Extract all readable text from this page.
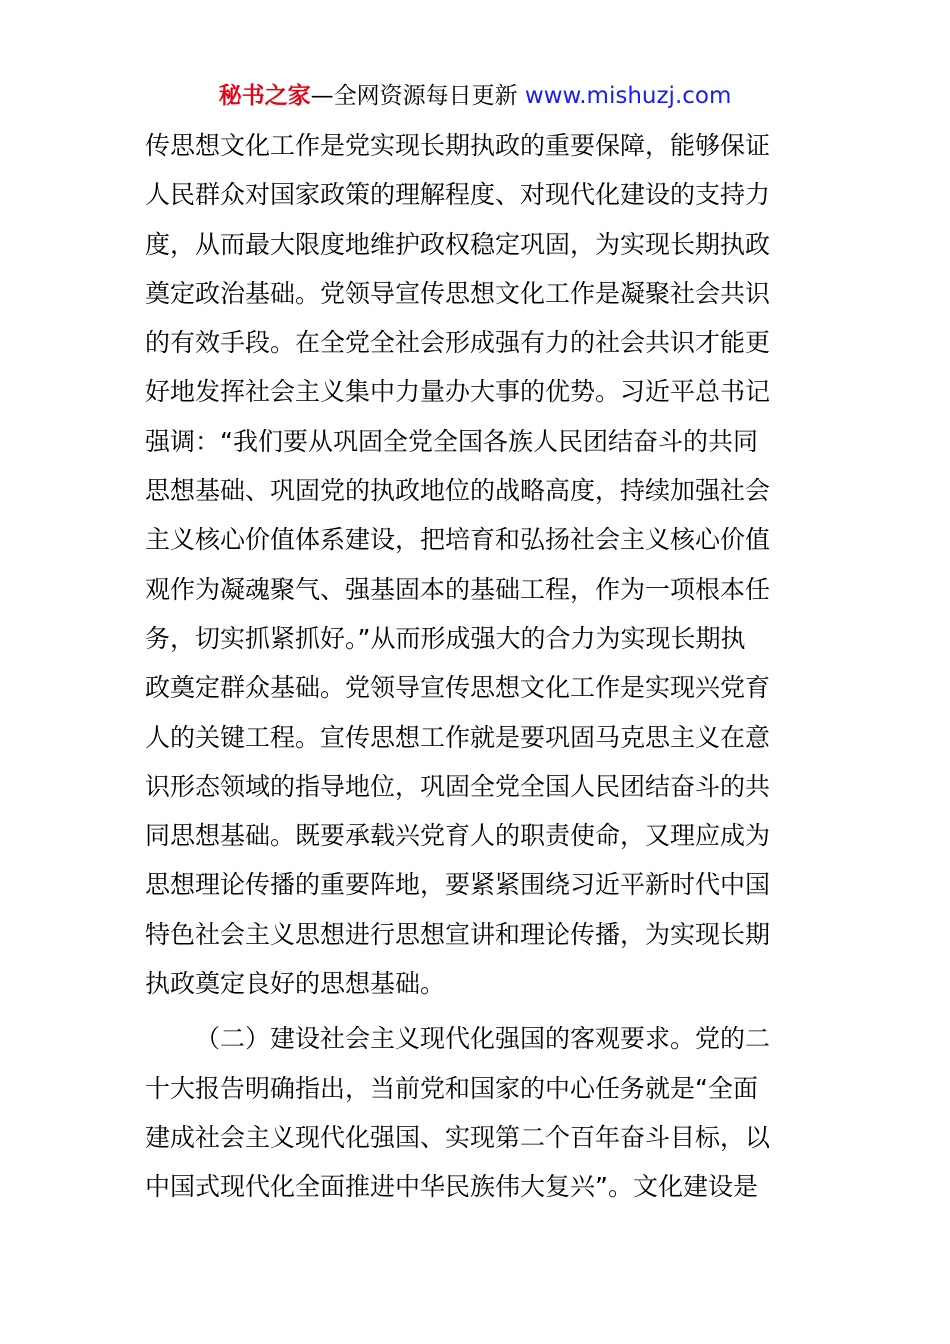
秘书之家—全网资源每日更新 www.mishuzj.com
传思想文化工作是党实现长期执政的重要保障，能够保证
人民群众对国家政策的理解程度、对现代化建设的支持力
度，从而最大限度地维护政权稳定巩固，为实现长期执政
奠定政治基础。党领导宣传思想文化工作是凝聚社会共识
的有效手段。在全党全社会形成强有力的社会共识才能更
好地发挥社会主义集中力量办大事的优势。习近平总书记
强调：“我们要从巩固全党全国各族人民团结奋斗的共同
思想基础、巩固党的执政地位的战略高度，持续加强社会
主义核心价值体系建设，把培育和弘扬社会主义核心价值
观作为凝魂聚气、强基固本的基础工程，作为一项根本任
务，切实抓紧抓好。”从而形成强大的合力为实现长期执
政奠定群众基础。党领导宣传思想文化工作是实现兴党育
人的关键工程。宣传思想工作就是要巩固马克思主义在意
识形态领域的指导地位，巩固全党全国人民团结奋斗的共
同思想基础。既要承载兴党育人的职责使命，又理应成为
思想理论传播的重要阵地，要紧紧围绕习近平新时代中国
特色社会主义思想进行思想宣讲和理论传播，为实现长期
执政奠定良好的思想基础。
（二）建设社会主义现代化强国的客观要求。党的二
十大报告明确指出，当前党和国家的中心任务就是“全面
建成社会主义现代化强国、实现第二个百年奋斗目标，以
中国式现代化全面推进中华民族伟大复兴”。文化建设是
